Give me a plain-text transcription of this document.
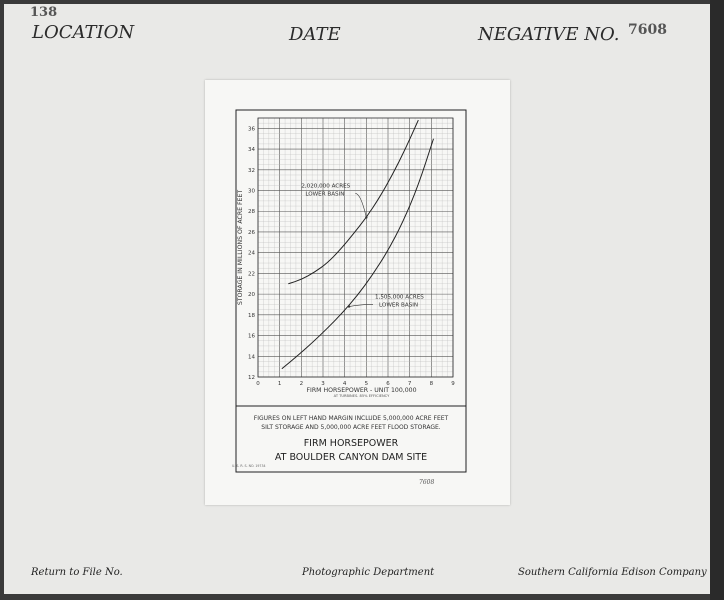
138
LOCATION	DATE	NEGATIVE NO. 7608
0	1	2	3	4	5	6	7	8	9
12
14
16
18
20
22
24
26
28
30
32
34
36
2,020,000 ACRES
LOWER BASIN
1,505,000 ACRES
LOWER BASIN
STORAGE IN MILLIONS OF ACRE FEET
FIRM HORSEPOWER - UNIT 100,000
AT TURBINES. 85% EFFICIENCY
FIGURES ON LEFT HAND MARGIN INCLUDE 5,000,000 ACRE FEET
SILT STORAGE AND 5,000,000 ACRE FEET FLOOD STORAGE.
FIRM HORSEPOWER
AT BOULDER CANYON DAM SITE
U. S. R. S. NO. 19734
7608
Return to File No.	Photographic Department	Southern California Edison Company
